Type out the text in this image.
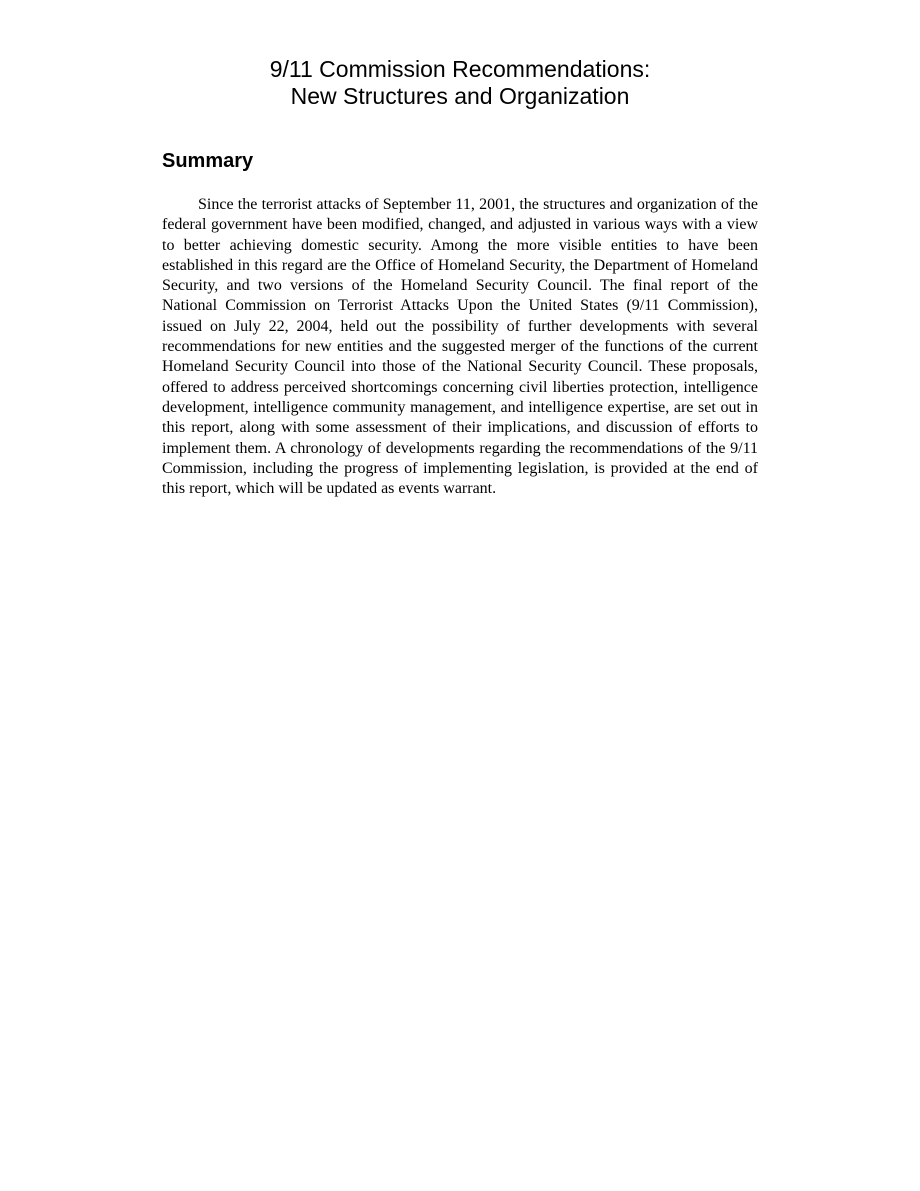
9/11 Commission Recommendations:
New Structures and Organization
Summary

Since the terrorist attacks of September 11, 2001, the structures and organization of the federal government have been modified, changed, and adjusted in various ways with a view to better achieving domestic security. Among the more visible entities to have been established in this regard are the Office of Homeland Security, the Department of Homeland Security, and two versions of the Homeland Security Council. The final report of the National Commission on Terrorist Attacks Upon the United States (9/11 Commission), issued on July 22, 2004, held out the possibility of further developments with several recommendations for new entities and the suggested merger of the functions of the current Homeland Security Council into those of the National Security Council. These proposals, offered to address perceived shortcomings concerning civil liberties protection, intelligence development, intelligence community management, and intelligence expertise, are set out in this report, along with some assessment of their implications, and discussion of efforts to implement them. A chronology of developments regarding the recommendations of the 9/11 Commission, including the progress of implementing legislation, is provided at the end of this report, which will be updated as events warrant.
